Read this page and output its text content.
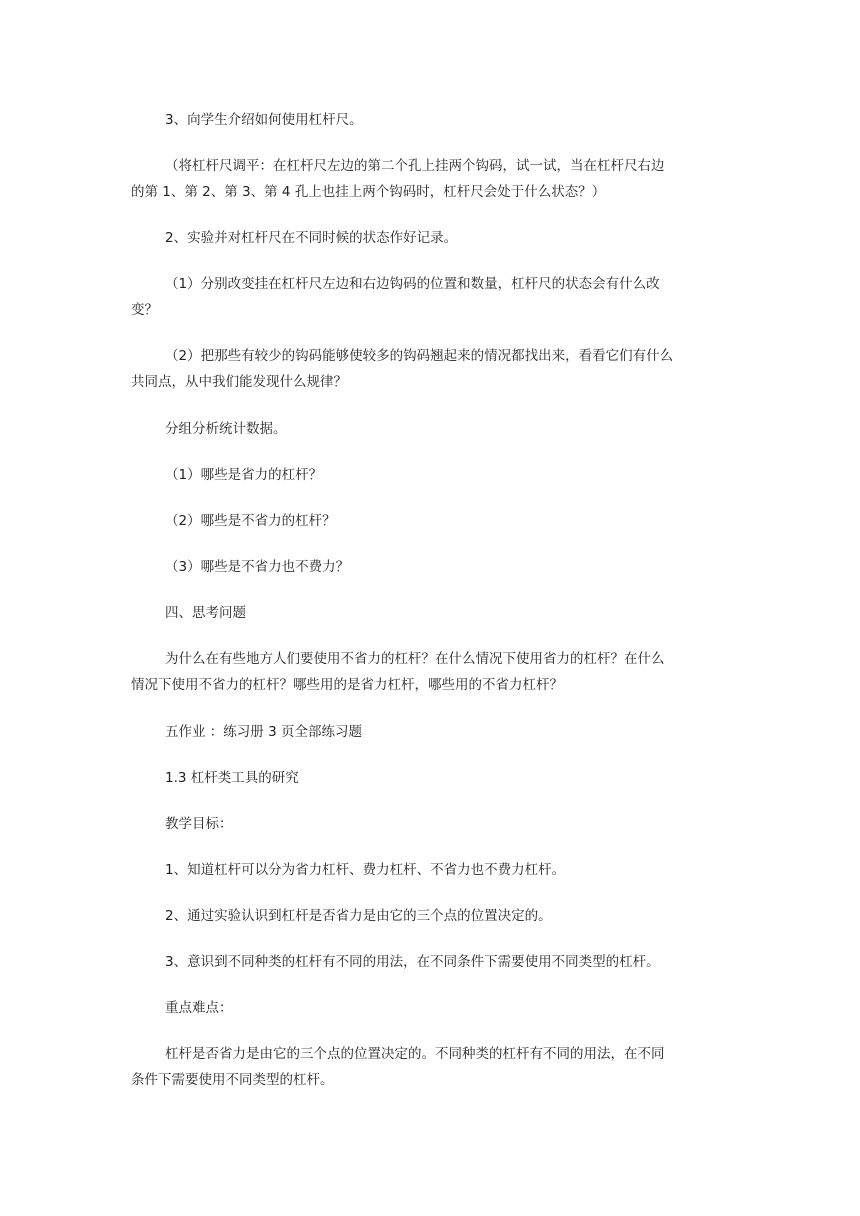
3、向学生介绍如何使用杠杆尺。

（将杠杆尺调平：在杠杆尺左边的第二个孔上挂两个钩码，试一试，当在杠杆尺右边
的第 1、第 2、第 3、第 4 孔上也挂上两个钩码时，杠杆尺会处于什么状态？）

2、实验并对杠杆尺在不同时候的状态作好记录。

（1）分别改变挂在杠杆尺左边和右边钩码的位置和数量，杠杆尺的状态会有什么改
变？

（2）把那些有较少的钩码能够使较多的钩码翘起来的情况都找出来，看看它们有什么
共同点，从中我们能发现什么规律？

分组分析统计数据。

（1）哪些是省力的杠杆？

（2）哪些是不省力的杠杆？

（3）哪些是不省力也不费力？

四、思考问题

为什么在有些地方人们要使用不省力的杠杆？在什么情况下使用省力的杠杆？在什么
情况下使用不省力的杠杆？哪些用的是省力杠杆，哪些用的不省力杠杆？

五作业 ：练习册 3 页全部练习题

1.3 杠杆类工具的研究

教学目标：

1、知道杠杆可以分为省力杠杆、费力杠杆、不省力也不费力杠杆。

2、通过实验认识到杠杆是否省力是由它的三个点的位置决定的。

3、意识到不同种类的杠杆有不同的用法，在不同条件下需要使用不同类型的杠杆。

重点难点：

杠杆是否省力是由它的三个点的位置决定的。不同种类的杠杆有不同的用法，在不同
条件下需要使用不同类型的杠杆。
